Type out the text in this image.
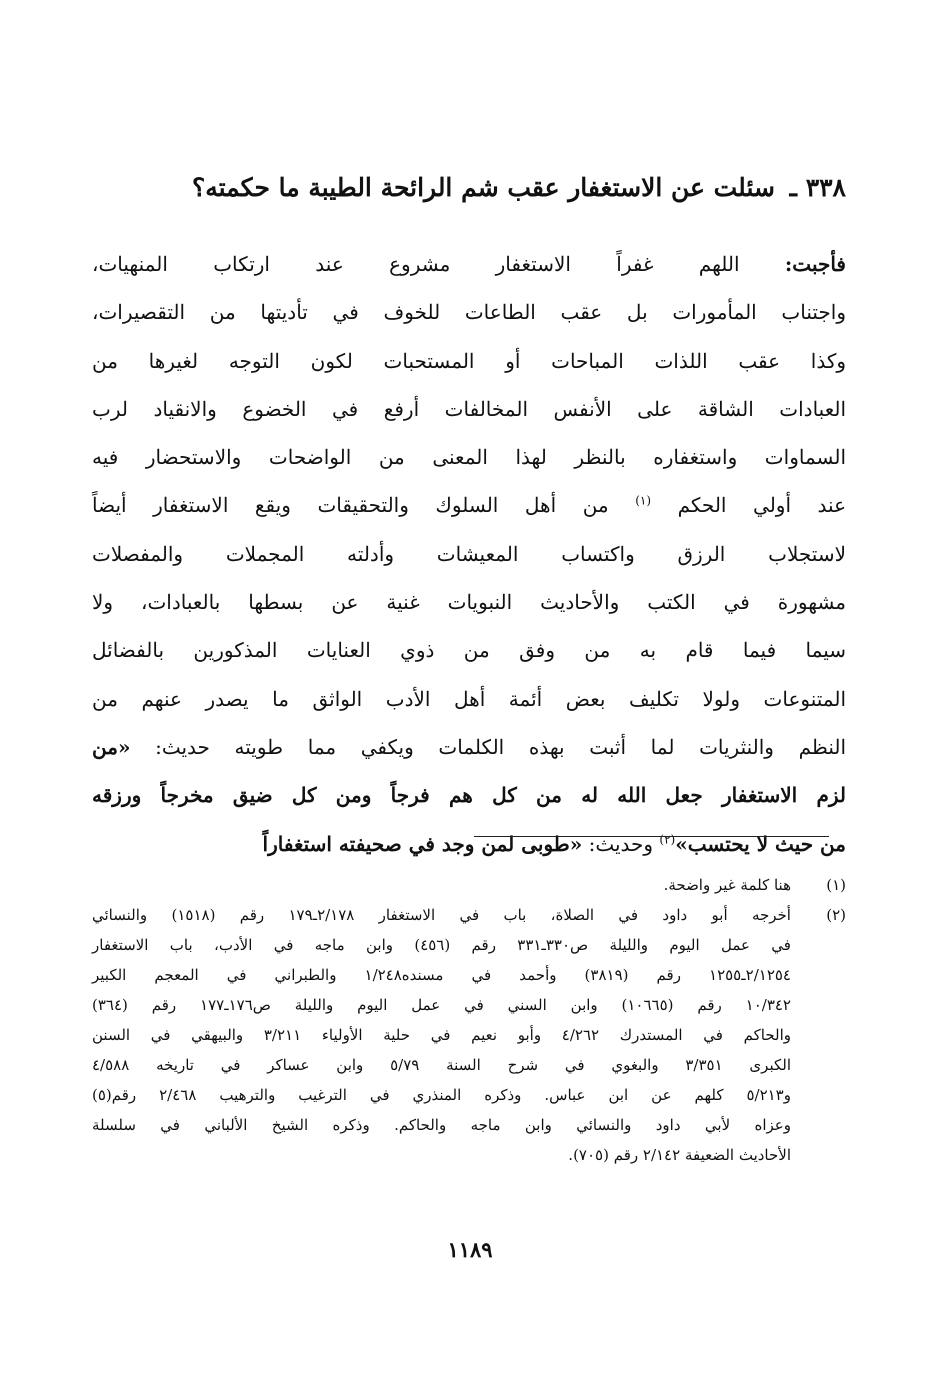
٣٣٨ ـ سئلت عن الاستغفار عقب شم الرائحة الطيبة ما حكمته؟
فأجبت: اللهم غفراً الاستغفار مشروع عند ارتكاب المنهيات،
واجتناب المأمورات بل عقب الطاعات للخوف في تأديتها من التقصيرات،
وكذا عقب اللذات المباحات أو المستحبات لكون التوجه لغيرها من
العبادات الشاقة على الأنفس المخالفات أرفع في الخضوع والانقياد لرب
السماوات واستغفاره بالنظر لهذا المعنى من الواضحات والاستحضار فيه
عند أولي الحكم $^{(١)}$ من أهل السلوك والتحقيقات ويقع الاستغفار أيضاً
لاستجلاب الرزق واكتساب المعيشات وأدلته المجملات والمفصلات
مشهورة في الكتب والأحاديث النبويات غنية عن بسطها بالعبادات، ولا
سيما فيما قام به من وفق من ذوي العنايات المذكورين بالفضائل
المتنوعات ولولا تكليف بعض أئمة أهل الأدب الواثق ما يصدر عنهم من
النظم والنثريات لما أثبت بهذه الكلمات ويكفي مما طويته حديث: «من
لزم الاستغفار جعل الله له من كل هم فرجاً ومن كل ضيق مخرجاً ورزقه
من حيث لا يحتسب»$^{(٢)}$ وحديث: «طوبى لمن وجد في صحيفته استغفاراً
(١)
هنا كلمة غير واضحة.
(٢)
أخرجه أبو داود في الصلاة، باب في الاستغفار ٢/١٧٨ـ١٧٩ رقم (١٥١٨) والنسائي
في عمل اليوم والليلة ص٣٣٠ـ٣٣١ رقم (٤٥٦) وابن ماجه في الأدب، باب الاستغفار
٢/١٢٥٤ـ١٢٥٥ رقم (٣٨١٩) وأحمد في مسنده١/٢٤٨ والطبراني في المعجم الكبير
١٠/٣٤٢ رقم (١٠٦٦٥) وابن السني في عمل اليوم والليلة ص١٧٦ـ١٧٧ رقم (٣٦٤)
والحاكم في المستدرك ٤/٢٦٢ وأبو نعيم في حلية الأولياء ٣/٢١١ والبيهقي في السنن
الكبرى ٣/٣٥١ والبغوي في شرح السنة ٥/٧٩ وابن عساكر في تاريخه ٤/٥٨٨
و٥/٢١٣ كلهم عن ابن عباس. وذكره المنذري في الترغيب والترهيب ٢/٤٦٨ رقم(٥)
وعزاه لأبي داود والنسائي وابن ماجه والحاكم. وذكره الشيخ الألباني في سلسلة
الأحاديث الضعيفة ٢/١٤٢ رقم (٧٠٥).
١١٨٩
